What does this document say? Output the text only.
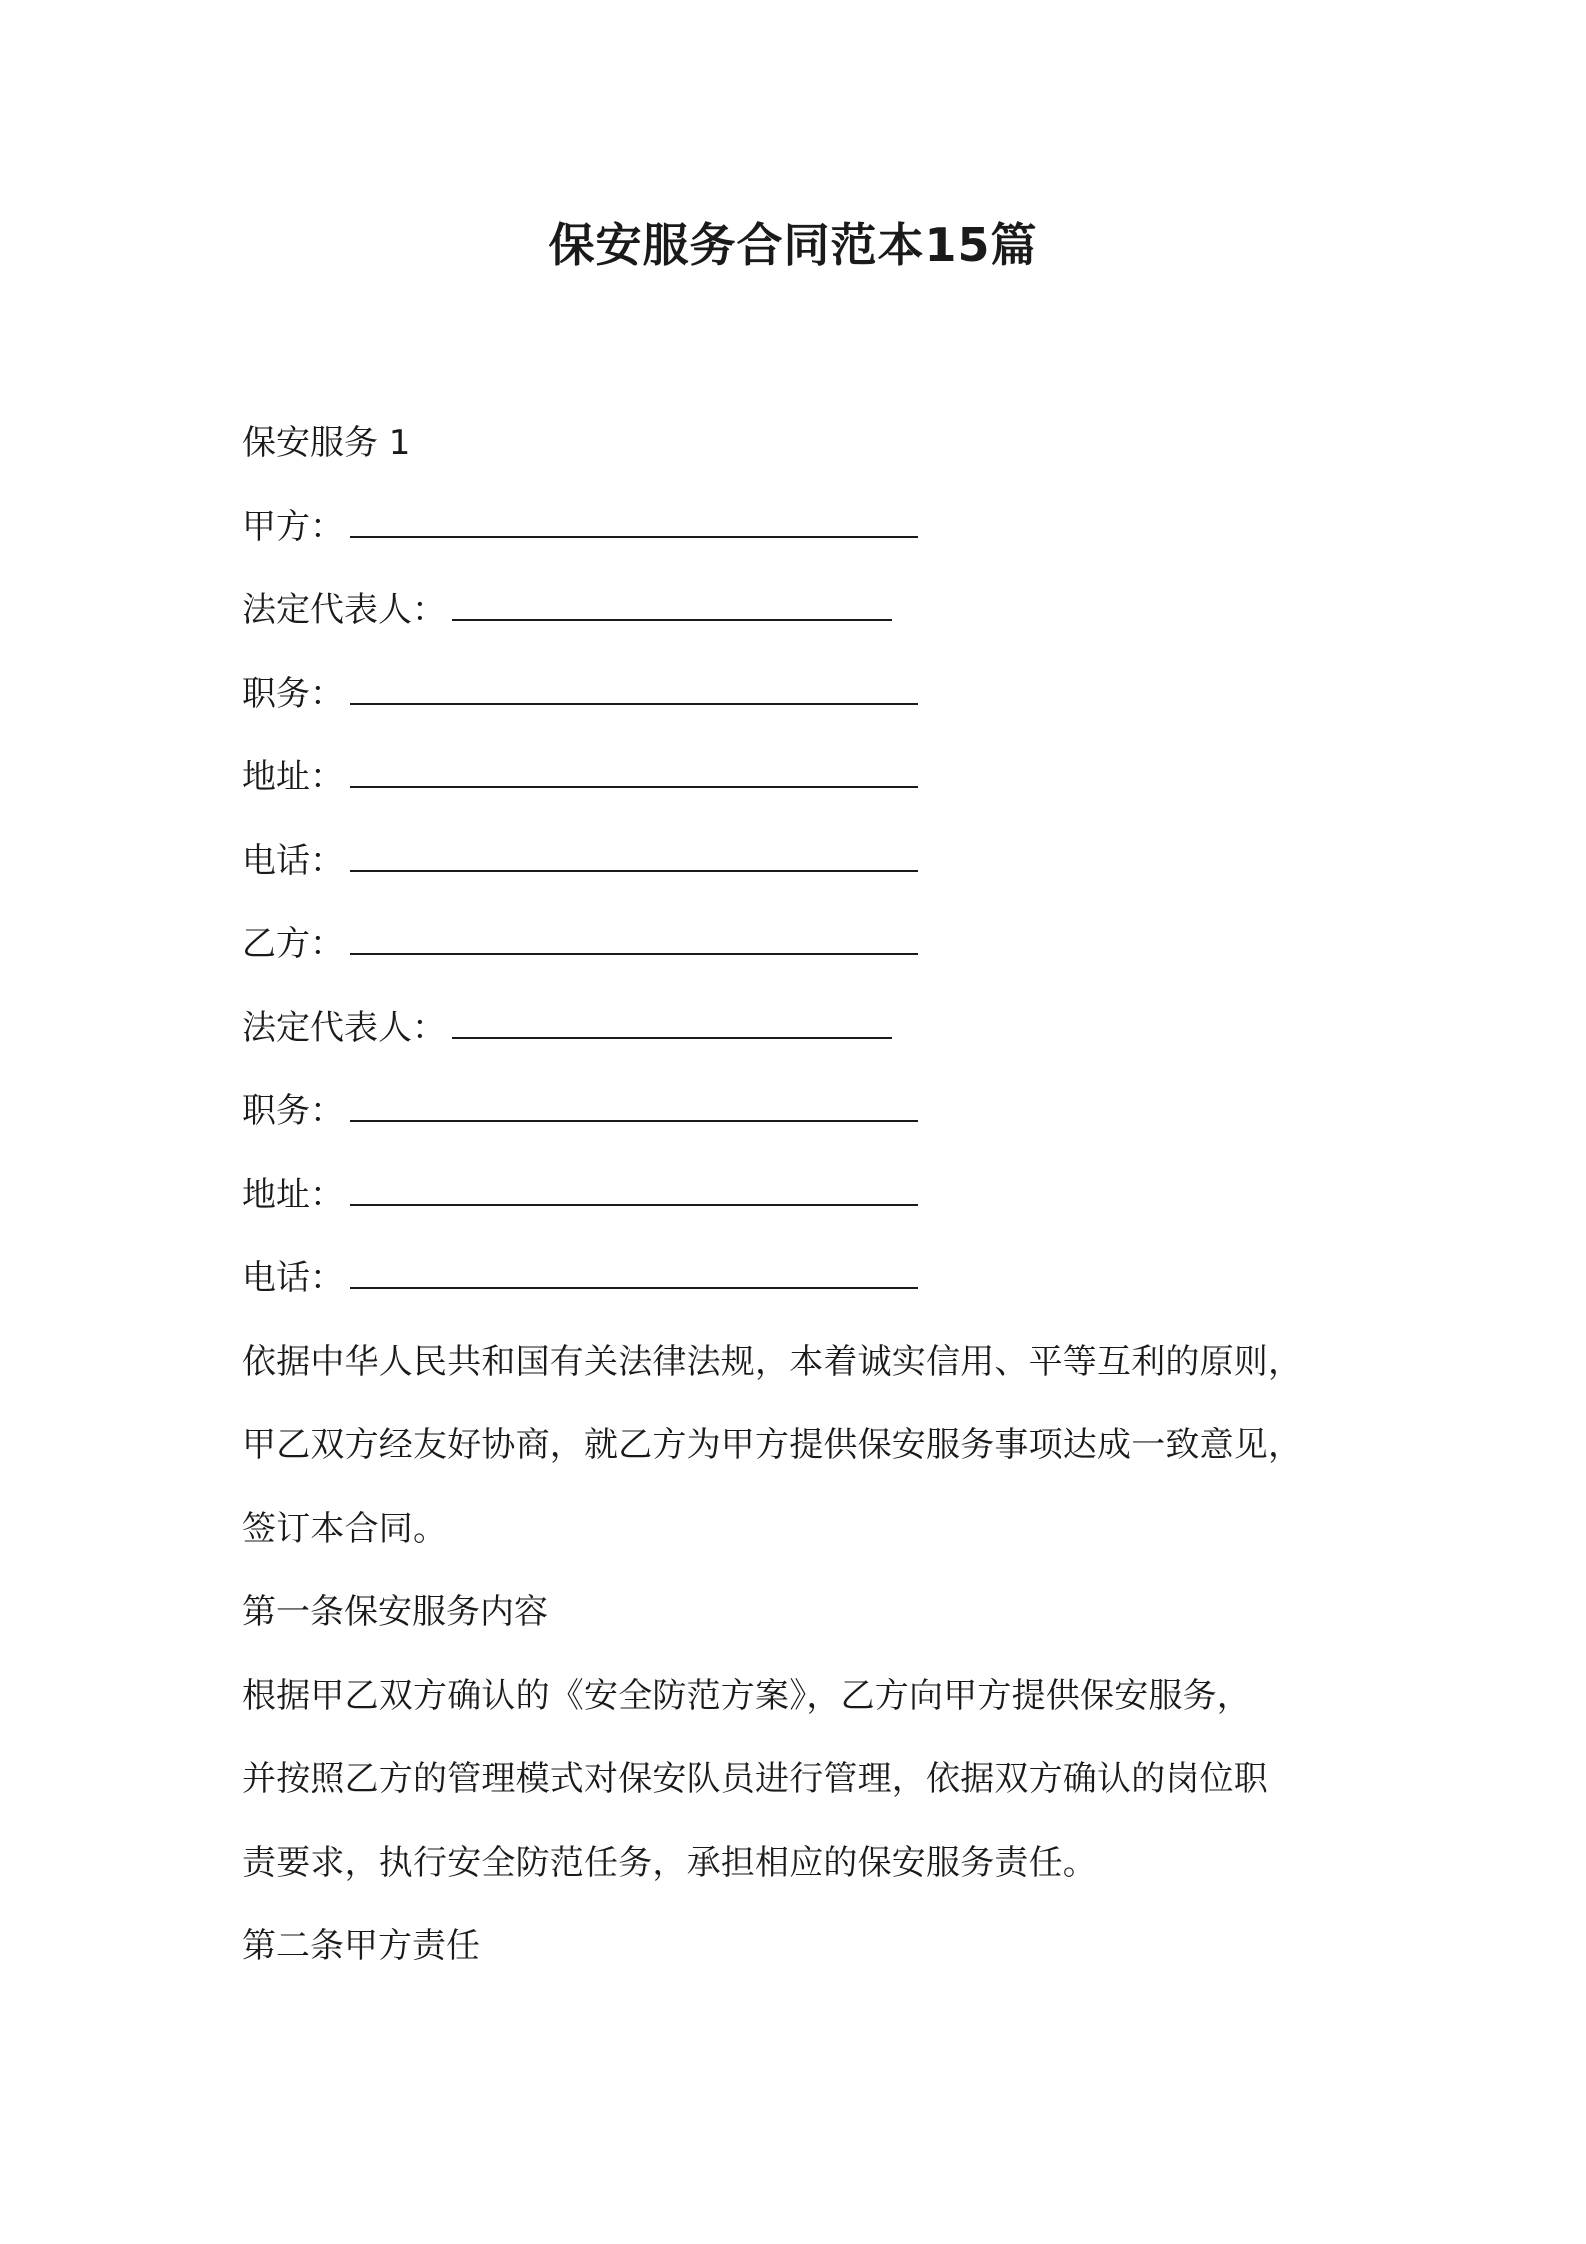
保安服务合同范本15篇
保安服务 1
甲方：
法定代表人：
职务：
地址：
电话：
乙方：
法定代表人：
职务：
地址：
电话：
依据中华人民共和国有关法律法规，本着诚实信用、平等互利的原则，
甲乙双方经友好协商，就乙方为甲方提供保安服务事项达成一致意见，
签订本合同。
第一条保安服务内容
根据甲乙双方确认的《安全防范方案》，乙方向甲方提供保安服务，
并按照乙方的管理模式对保安队员进行管理，依据双方确认的岗位职
责要求，执行安全防范任务，承担相应的保安服务责任。
第二条甲方责任
